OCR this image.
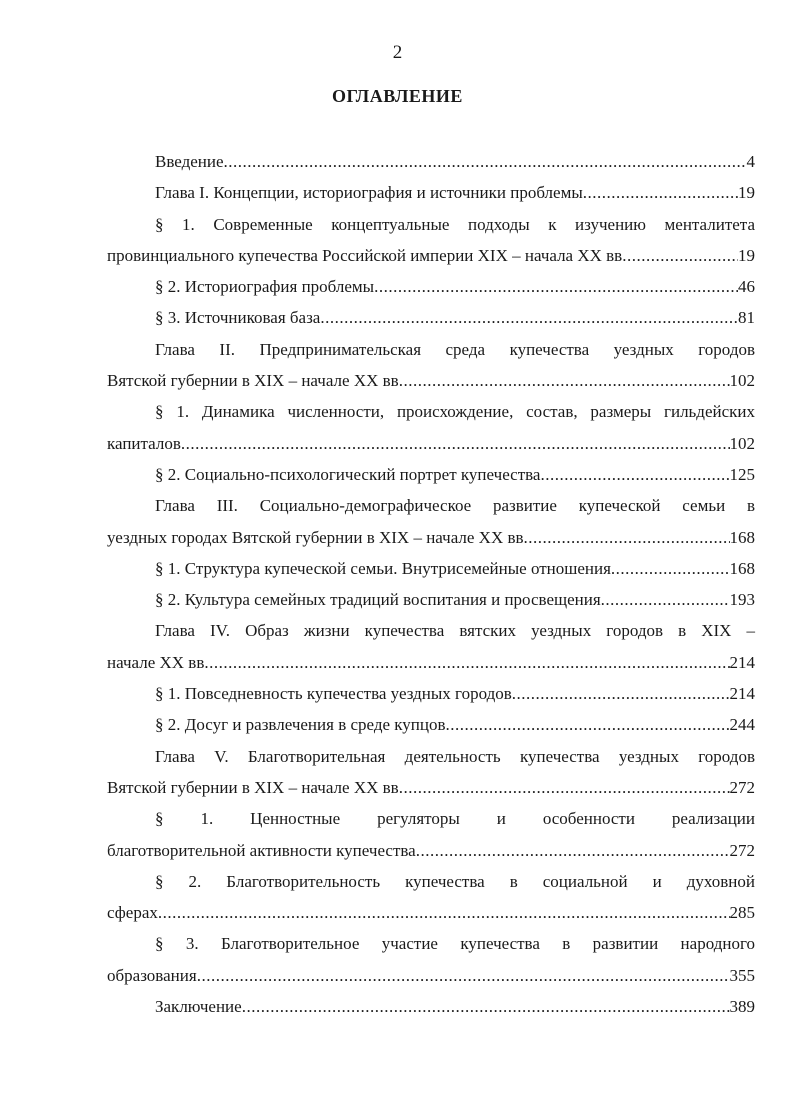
2
ОГЛАВЛЕНИЕ
Введение .....	4
Глава I. Концепции, историография и источники проблемы .....	19
§ 1. Современные концептуальные подходы к изучению менталитета
провинциального купечества Российской империи XIX – начала XX вв .....	19
§ 2. Историография проблемы .....	46
§ 3. Источниковая база .....	81
Глава II. Предпринимательская среда купечества уездных городов
Вятской губернии в XIX – начале XX вв .....	102
§ 1. Динамика численности, происхождение, состав, размеры гильдейских
капиталов .....	102
§ 2. Социально-психологический портрет купечества .....	125
Глава III. Социально-демографическое развитие купеческой семьи в
уездных городах Вятской губернии в XIX – начале XX вв .....	168
§ 1. Структура купеческой семьи. Внутрисемейные отношения .....	168
§ 2. Культура семейных традиций воспитания и просвещения .....	193
Глава IV. Образ жизни купечества вятских уездных городов в XIX –
начале XX вв .....	214
§ 1. Повседневность купечества уездных городов .....	214
§ 2. Досуг и развлечения в среде купцов .....	244
Глава V. Благотворительная деятельность купечества уездных городов
Вятской губернии в XIX – начале XX вв .....	272
§ 1. Ценностные регуляторы и особенности реализации
благотворительной активности купечества .....	272
§ 2. Благотворительность купечества в социальной и духовной
сферах .....	285
§ 3. Благотворительное участие купечества в развитии народного
образования .....	355
Заключение .....	389
